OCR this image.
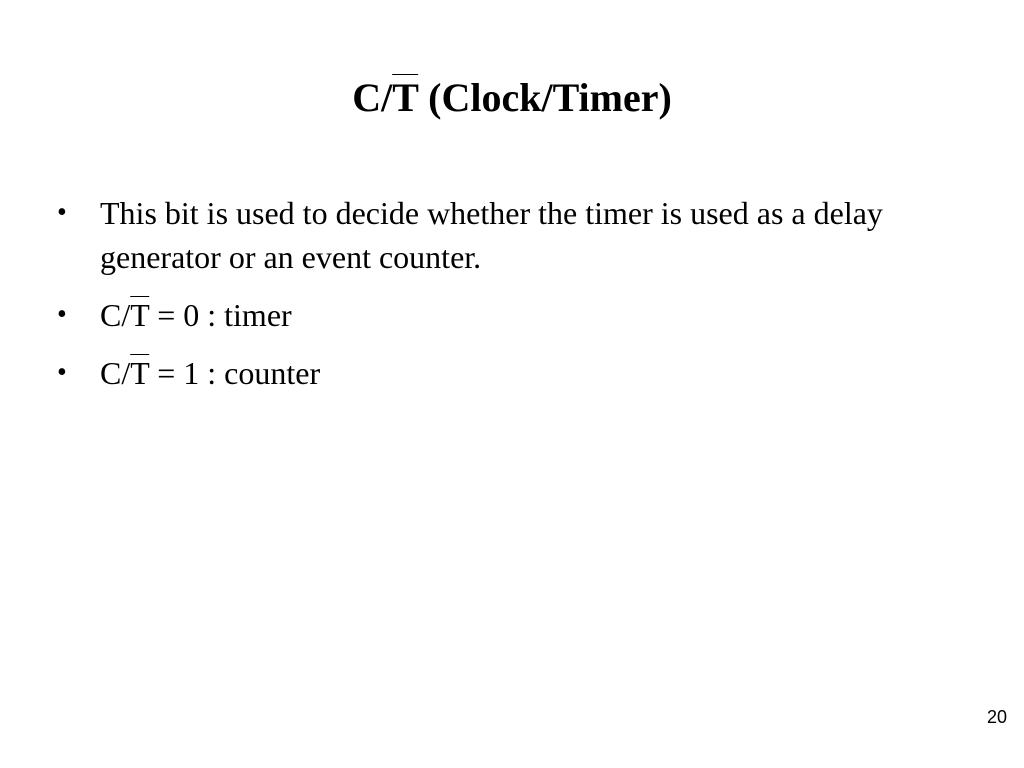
$C/\overline{T}$ (Clock/Timer)
• This bit is used to decide whether the timer is used as a delay generator or an event counter.
• $C/\overline{T} = 0$ : timer
• $C/\overline{T} = 1$ : counter
20
